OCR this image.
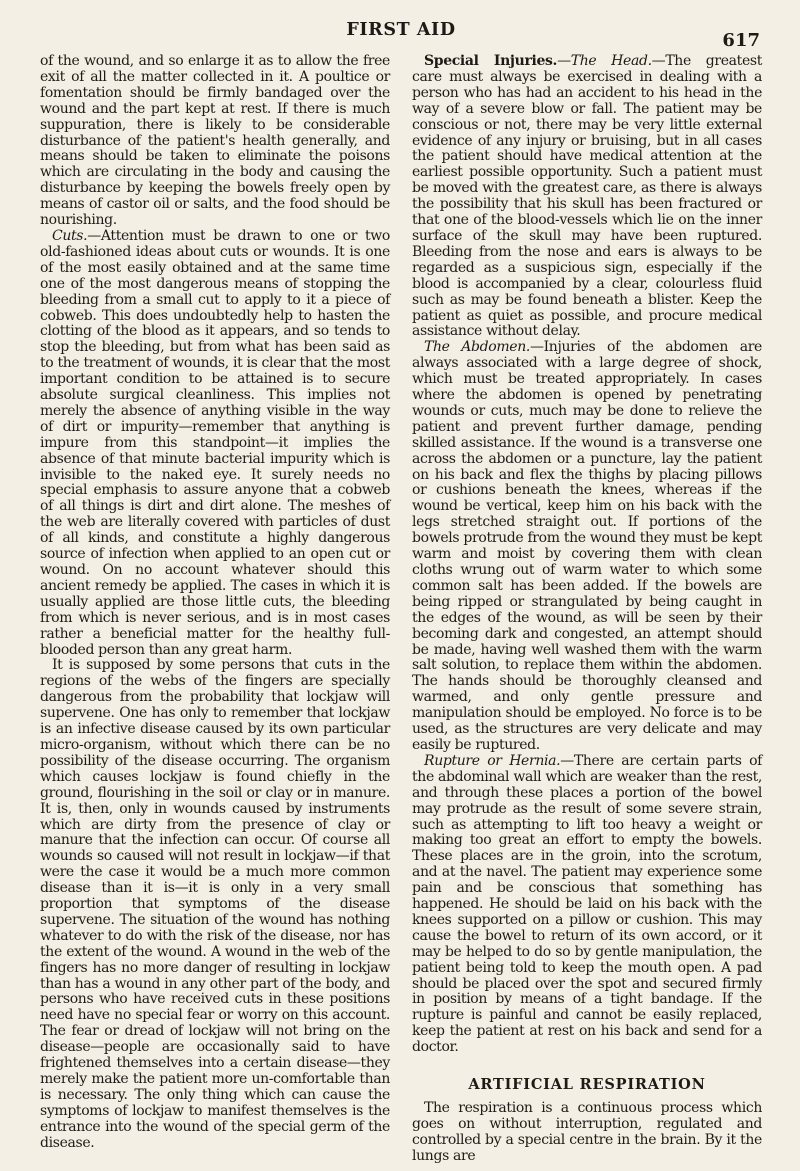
FIRST AID	617

of the wound, and so enlarge it as to allow the free exit of all the matter collected in it. A poultice or fomentation should be firmly bandaged over the wound and the part kept at rest. If there is much suppuration, there is likely to be considerable disturbance of the patient's health generally, and means should be taken to eliminate the poisons which are circulating in the body and causing the disturbance by keeping the bowels freely open by means of castor oil or salts, and the food should be nourishing.

Cuts.—Attention must be drawn to one or two old-fashioned ideas about cuts or wounds. It is one of the most easily obtained and at the same time one of the most dangerous means of stopping the bleeding from a small cut to apply to it a piece of cobweb. This does undoubtedly help to hasten the clotting of the blood as it appears, and so tends to stop the bleeding, but from what has been said as to the treatment of wounds, it is clear that the most important condition to be attained is to secure absolute surgical cleanliness. This implies not merely the absence of anything visible in the way of dirt or impurity—remember that anything is impure from this standpoint—it implies the absence of that minute bacterial impurity which is invisible to the naked eye. It surely needs no special emphasis to assure anyone that a cobweb of all things is dirt and dirt alone. The meshes of the web are literally covered with particles of dust of all kinds, and constitute a highly dangerous source of infection when applied to an open cut or wound. On no account whatever should this ancient remedy be applied. The cases in which it is usually applied are those little cuts, the bleeding from which is never serious, and is in most cases rather a beneficial matter for the healthy full-blooded person than any great harm.

It is supposed by some persons that cuts in the regions of the webs of the fingers are specially dangerous from the probability that lockjaw will supervene. One has only to remember that lockjaw is an infective disease caused by its own particular micro-organism, without which there can be no possibility of the disease occurring. The organism which causes lockjaw is found chiefly in the ground, flourishing in the soil or clay or in manure. It is, then, only in wounds caused by instruments which are dirty from the presence of clay or manure that the infection can occur. Of course all wounds so caused will not result in lockjaw—if that were the case it would be a much more common disease than it is—it is only in a very small proportion that symptoms of the disease supervene. The situation of the wound has nothing whatever to do with the risk of the disease, nor has the extent of the wound. A wound in the web of the fingers has no more danger of resulting in lockjaw than has a wound in any other part of the body, and persons who have received cuts in these positions need have no special fear or worry on this account. The fear or dread of lockjaw will not bring on the disease—people are occasionally said to have frightened themselves into a certain disease—they merely make the patient more un-comfortable than is necessary. The only thing which can cause the symptoms of lockjaw to manifest themselves is the entrance into the wound of the special germ of the disease.

Special Injuries.—The Head.—The greatest care must always be exercised in dealing with a person who has had an accident to his head in the way of a severe blow or fall. The patient may be conscious or not, there may be very little external evidence of any injury or bruising, but in all cases the patient should have medical attention at the earliest possible opportunity. Such a patient must be moved with the greatest care, as there is always the possibility that his skull has been fractured or that one of the blood-vessels which lie on the inner surface of the skull may have been ruptured. Bleeding from the nose and ears is always to be regarded as a suspicious sign, especially if the blood is accompanied by a clear, colourless fluid such as may be found beneath a blister. Keep the patient as quiet as possible, and procure medical assistance without delay.

The Abdomen.—Injuries of the abdomen are always associated with a large degree of shock, which must be treated appropriately. In cases where the abdomen is opened by penetrating wounds or cuts, much may be done to relieve the patient and prevent further damage, pending skilled assistance. If the wound is a transverse one across the abdomen or a puncture, lay the patient on his back and flex the thighs by placing pillows or cushions beneath the knees, whereas if the wound be vertical, keep him on his back with the legs stretched straight out. If portions of the bowels protrude from the wound they must be kept warm and moist by covering them with clean cloths wrung out of warm water to which some common salt has been added. If the bowels are being ripped or strangulated by being caught in the edges of the wound, as will be seen by their becoming dark and congested, an attempt should be made, having well washed them with the warm salt solution, to replace them within the abdomen. The hands should be thoroughly cleansed and warmed, and only gentle pressure and manipulation should be employed. No force is to be used, as the structures are very delicate and may easily be ruptured.

Rupture or Hernia.—There are certain parts of the abdominal wall which are weaker than the rest, and through these places a portion of the bowel may protrude as the result of some severe strain, such as attempting to lift too heavy a weight or making too great an effort to empty the bowels. These places are in the groin, into the scrotum, and at the navel. The patient may experience some pain and be conscious that something has happened. He should be laid on his back with the knees supported on a pillow or cushion. This may cause the bowel to return of its own accord, or it may be helped to do so by gentle manipulation, the patient being told to keep the mouth open. A pad should be placed over the spot and secured firmly in position by means of a tight bandage. If the rupture is painful and cannot be easily replaced, keep the patient at rest on his back and send for a doctor.

ARTIFICIAL RESPIRATION

The respiration is a continuous process which goes on without interruption, regulated and controlled by a special centre in the brain. By it the lungs are
